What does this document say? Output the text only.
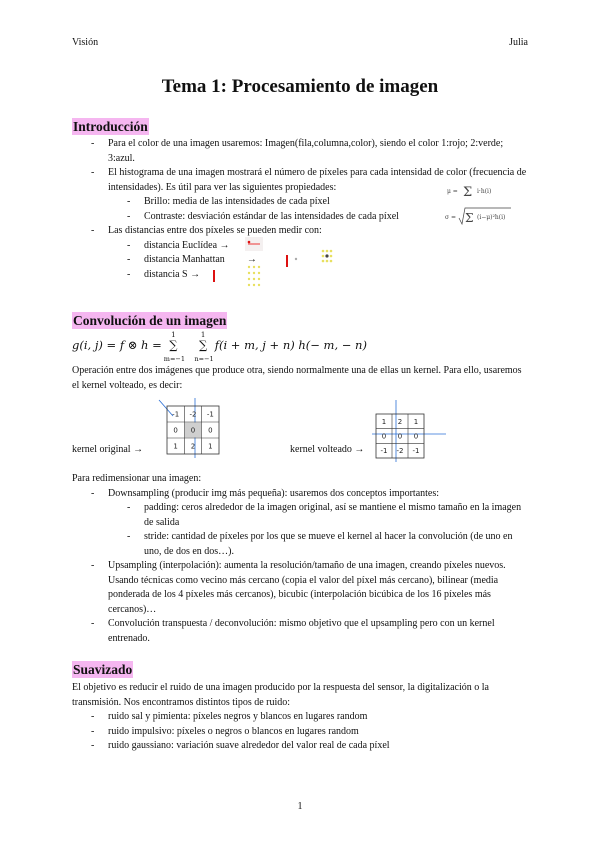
Visión	Julia
Tema 1: Procesamiento de imagen
Introducción
- Para el color de una imagen usaremos: Imagen(fila,columna,color), siendo el color 1:rojo; 2:verde; 3:azul.
- El histograma de una imagen mostrará el número de píxeles para cada intensidad de color (frecuencia de intensidades). Es útil para ver las siguientes propiedades:
- Brillo: media de las intensidades de cada píxel
- Contraste: desviación estándar de las intensidades de cada píxel
- Las distancias entre dos píxeles se pueden medir con:
- distancia Euclídea →
- distancia Manhattan →
- distancia S →
μ = Σ i·h(i)
σ = Σ (i−μ)²h(i)
Convolución de un imagen
g(i, j) = f ⊗ h = ∑
1
m=−1
∑
1
n=−1
f(i + m, j + n) h(− m, − n)

Operación entre dos imágenes que produce otra, siendo normalmente una de ellas un kernel. Para ello, usaremos el kernel volteado, es decir:

kernel original →	kernel volteado →
-1 -2 -1
0 0 0
1 2 1
1 2 1
0 0 0
-1 -2 -1

Para redimensionar una imagen:

- Downsampling (producir img más pequeña): usaremos dos conceptos importantes:
- padding: ceros alrededor de la imagen original, así se mantiene el mismo tamaño en la imagen de salida
- stride: cantidad de píxeles por los que se mueve el kernel al hacer la convolución (de uno en uno, de dos en dos…).
- Upsampling (interpolación): aumenta la resolución/tamaño de una imagen, creando píxeles nuevos. Usando técnicas como vecino más cercano (copia el valor del píxel más cercano), bilinear (media ponderada de los 4 píxeles más cercanos), bicubic (interpolación bicúbica de los 16 píxeles más cercanos)…
- Convolución transpuesta / deconvolución: mismo objetivo que el upsampling pero con un kernel entrenado.
Suavizado

El objetivo es reducir el ruido de una imagen producido por la respuesta del sensor, la digitalización o la transmisión. Nos encontramos distintos tipos de ruido:

- ruido sal y pimienta: píxeles negros y blancos en lugares random
- ruido impulsivo: píxeles o negros o blancos en lugares random
- ruido gaussiano: variación suave alrededor del valor real de cada píxel
1
